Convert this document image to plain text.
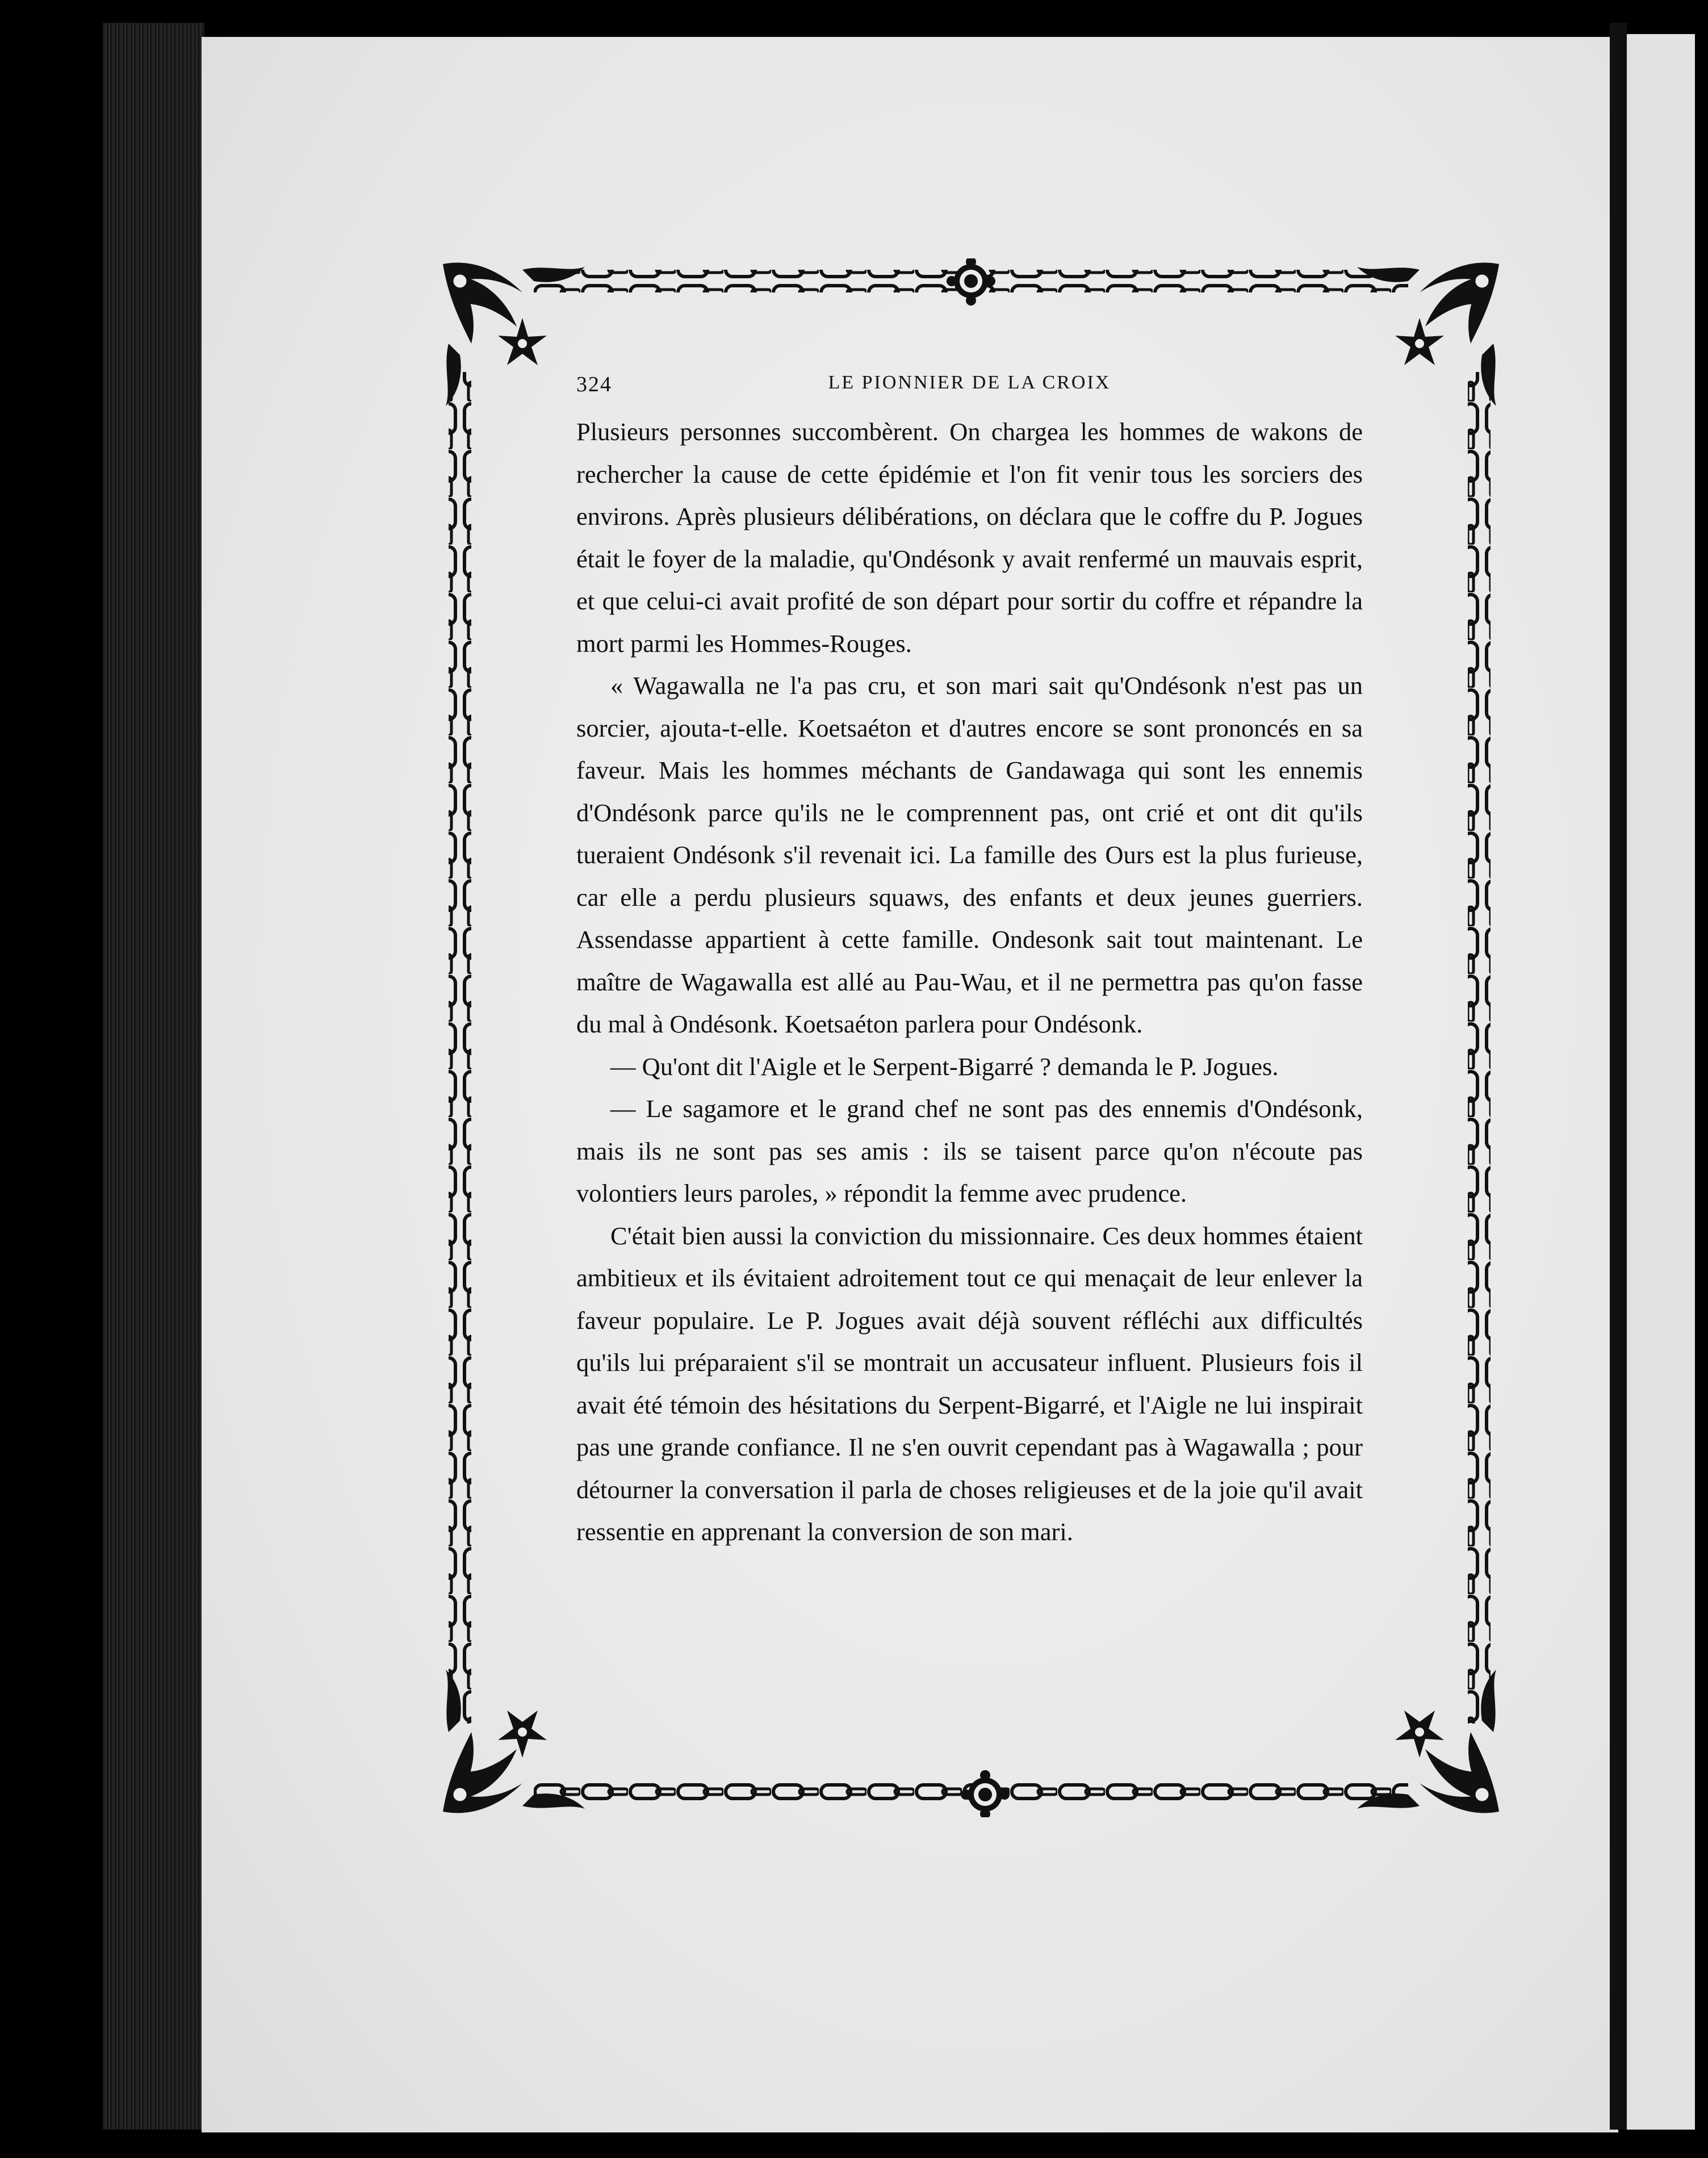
324	LE PIONNIER DE LA CROIX

Plusieurs personnes succombèrent. On chargea les hommes de wakons de rechercher la cause de cette épidémie et l'on fit venir tous les sorciers des environs. Après plusieurs délibérations, on déclara que le coffre du P. Jogues était le foyer de la maladie, qu'Ondésonk y avait renfermé un mauvais esprit, et que celui-ci avait profité de son départ pour sortir du coffre et répandre la mort parmi les Hommes-Rouges.

« Wagawalla ne l'a pas cru, et son mari sait qu'Ondésonk n'est pas un sorcier, ajouta-t-elle. Koetsaéton et d'autres encore se sont prononcés en sa faveur. Mais les hommes méchants de Gandawaga qui sont les ennemis d'Ondésonk parce qu'ils ne le comprennent pas, ont crié et ont dit qu'ils tueraient Ondésonk s'il revenait ici. La famille des Ours est la plus furieuse, car elle a perdu plusieurs squaws, des enfants et deux jeunes guerriers. Assendasse appartient à cette famille. Ondesonk sait tout maintenant. Le maître de Wagawalla est allé au Pau-Wau, et il ne permettra pas qu'on fasse du mal à Ondésonk. Koetsaéton parlera pour Ondésonk.

— Qu'ont dit l'Aigle et le Serpent-Bigarré ? demanda le P. Jogues.

— Le sagamore et le grand chef ne sont pas des ennemis d'Ondésonk, mais ils ne sont pas ses amis : ils se taisent parce qu'on n'écoute pas volontiers leurs paroles, » répondit la femme avec prudence.

C'était bien aussi la conviction du missionnaire. Ces deux hommes étaient ambitieux et ils évitaient adroitement tout ce qui menaçait de leur enlever la faveur populaire. Le P. Jogues avait déjà souvent réfléchi aux difficultés qu'ils lui préparaient s'il se montrait un accusateur influent. Plusieurs fois il avait été témoin des hésitations du Serpent-Bigarré, et l'Aigle ne lui inspirait pas une grande confiance. Il ne s'en ouvrit cependant pas à Wagawalla ; pour détourner la conversation il parla de choses religieuses et de la joie qu'il avait ressentie en apprenant la conversion de son mari.
